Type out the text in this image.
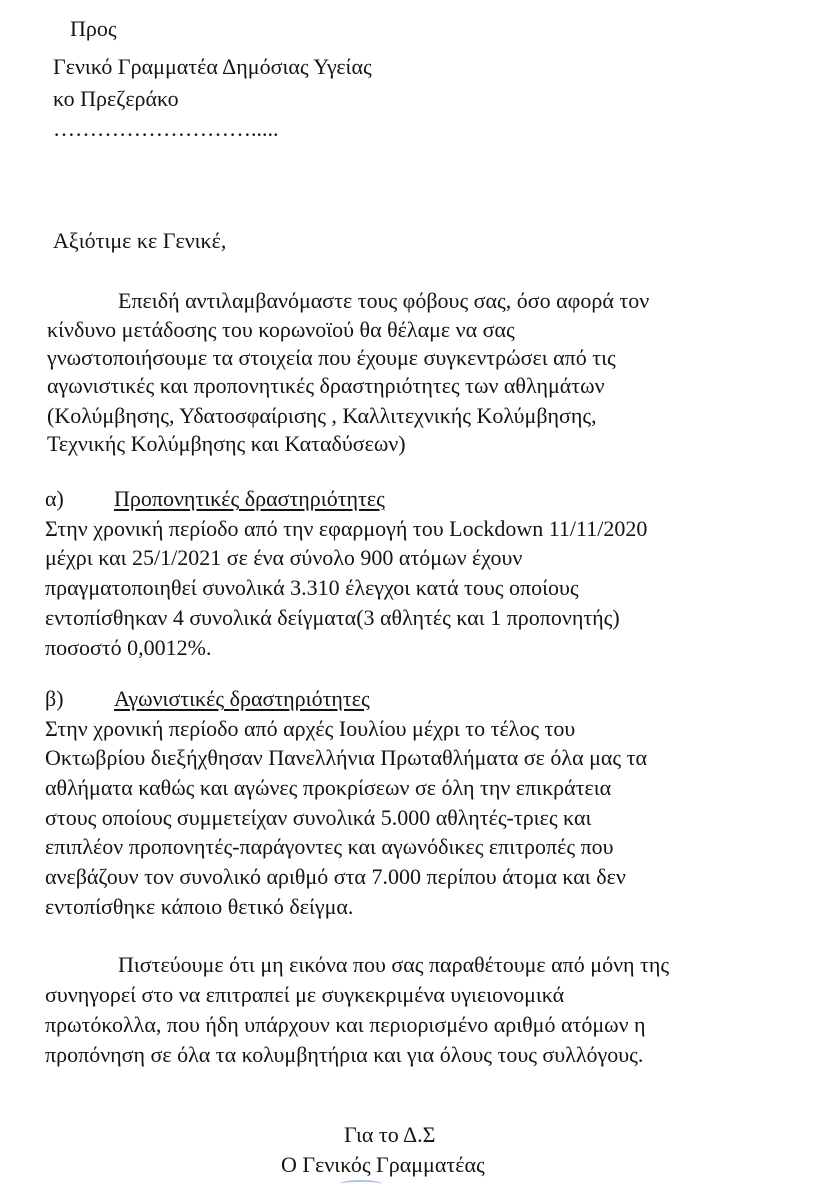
Προς
Γενικό Γραμματέα Δημόσιας Υγείας
κο Πρεζεράκο
……………………….....
Αξιότιμε κε Γενικέ,
Επειδή αντιλαμβανόμαστε τους φόβους σας, όσο αφορά τον
κίνδυνο μετάδοσης του κορωνοϊού θα θέλαμε να σας
γνωστοποιήσουμε τα στοιχεία που έχουμε συγκεντρώσει από τις
αγωνιστικές και προπονητικές δραστηριότητες των αθλημάτων
(Κολύμβησης, Υδατοσφαίρισης , Καλλιτεχνικής Κολύμβησης,
Τεχνικής Κολύμβησης και Καταδύσεων)
α) Προπονητικές δραστηριότητες
Στην χρονική περίοδο από την εφαρμογή του Lockdown 11/11/2020
μέχρι και 25/1/2021 σε ένα σύνολο 900 ατόμων έχουν
πραγματοποιηθεί συνολικά 3.310 έλεγχοι κατά τους οποίους
εντοπίσθηκαν 4 συνολικά δείγματα(3 αθλητές και 1 προπονητής)
ποσοστό 0,0012%.
β) Αγωνιστικές δραστηριότητες
Στην χρονική περίοδο από αρχές Ιουλίου μέχρι το τέλος του
Οκτωβρίου διεξήχθησαν Πανελλήνια Πρωταθλήματα σε όλα μας τα
αθλήματα καθώς και αγώνες προκρίσεων σε όλη την επικράτεια
στους οποίους συμμετείχαν συνολικά 5.000 αθλητές-τριες και
επιπλέον προπονητές-παράγοντες και αγωνόδικες επιτροπές που
ανεβάζουν τον συνολικό αριθμό στα 7.000 περίπου άτομα και δεν
εντοπίσθηκε κάποιο θετικό δείγμα.
Πιστεύουμε ότι μη εικόνα που σας παραθέτουμε από μόνη της
συνηγορεί στο να επιτραπεί με συγκεκριμένα υγιειονομικά
πρωτόκολλα, που ήδη υπάρχουν και περιορισμένο αριθμό ατόμων η
προπόνηση σε όλα τα κολυμβητήρια και για όλους τους συλλόγους.
Για το Δ.Σ
Ο Γενικός Γραμματέας
